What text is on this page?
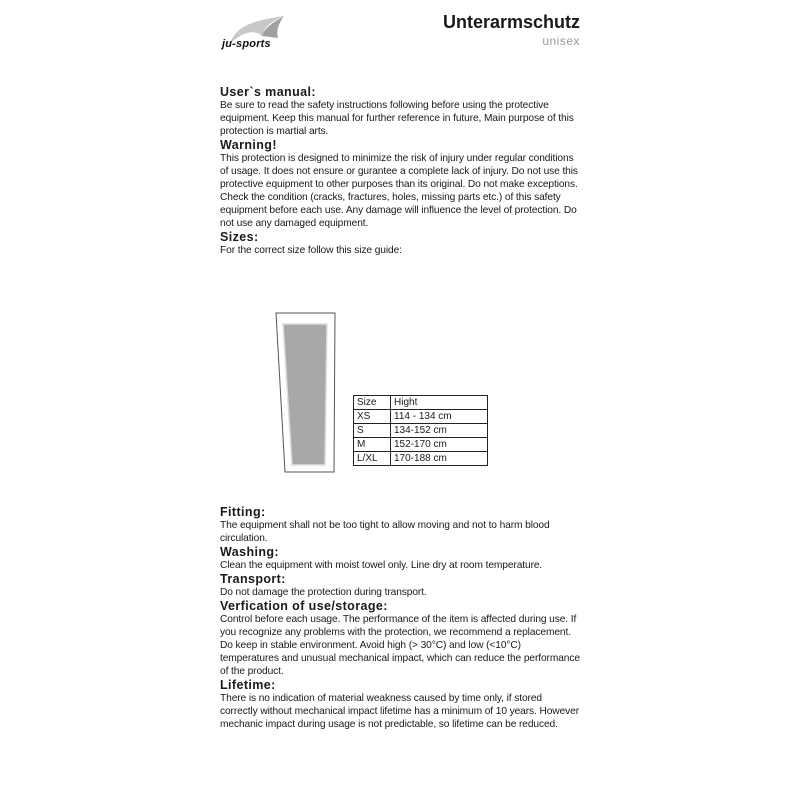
ju-sports
Unterarmschutz
unisex
User`s manual:

Be sure to read the safety instructions following before using the protective equipment. Keep this manual for further reference in future, Main purpose of this protection is martial arts.

Warning!

This protection is designed to minimize the risk of injury under regular conditions of usage. It does not ensure or gurantee a complete lack of injury. Do not use this protective equipment to other purposes than its original. Do not make exceptions. Check the condition (cracks, fractures, holes, missing parts etc.) of this safety equipment before each use. Any damage will influence the level of protection. Do not use any damaged equipment.

Sizes:

For the correct size follow this size guide:

Size	Hight
XS	114 - 134 cm
S	134-152 cm
M	152-170 cm
L/XL	170-188 cm
Fitting:

The equipment shall not be too tight to allow moving and not to harm blood circulation.

Washing:

Clean the equipment with moist towel only. Line dry at room temperature.

Transport:

Do not damage the protection during transport.

Verfication of use/storage:

Control before each usage. The performance of the item is affected during use. If you recognize any problems with the protection, we recommend a replacement. Do keep in stable environment. Avoid high (> 30°C) and low (<10°C) temperatures and unusual mechanical impact, which can reduce the performance of the product.

Lifetime:

There is no indication of material weakness caused by time only, if stored correctly without mechanical impact lifetime has a minimum of 10 years. However mechanic impact during usage is not predictable, so lifetime can be reduced.
